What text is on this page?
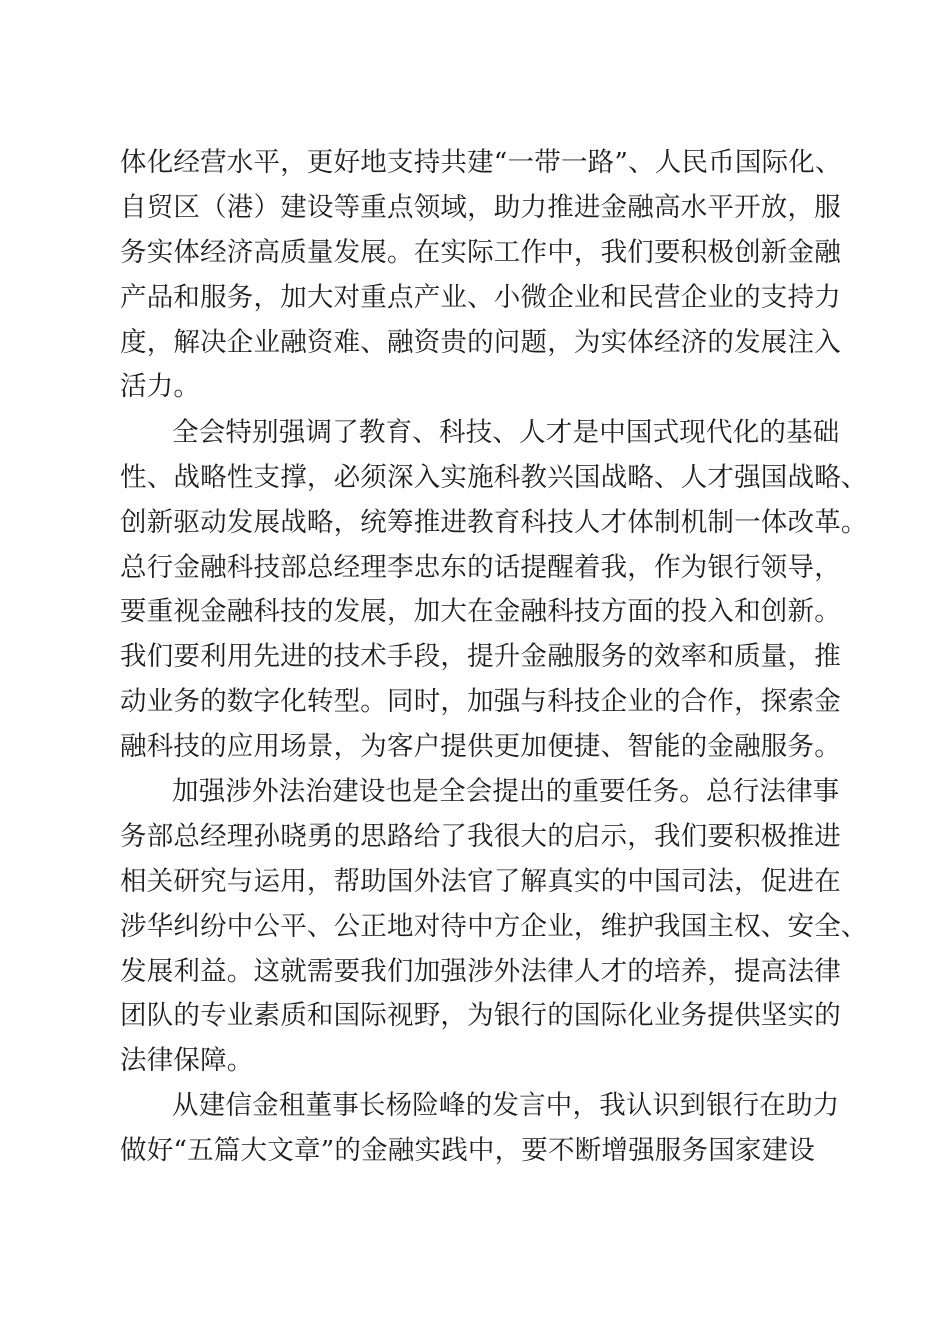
体化经营水平，更好地支持共建“一带一路”、人民币国际化、
自贸区（港）建设等重点领域，助力推进金融高水平开放，服
务实体经济高质量发展。在实际工作中，我们要积极创新金融
产品和服务，加大对重点产业、小微企业和民营企业的支持力
度，解决企业融资难、融资贵的问题，为实体经济的发展注入
活力。
全会特别强调了教育、科技、人才是中国式现代化的基础
性、战略性支撑，必须深入实施科教兴国战略、人才强国战略、
创新驱动发展战略，统筹推进教育科技人才体制机制一体改革。
总行金融科技部总经理李忠东的话提醒着我，作为银行领导，
要重视金融科技的发展，加大在金融科技方面的投入和创新。
我们要利用先进的技术手段，提升金融服务的效率和质量，推
动业务的数字化转型。同时，加强与科技企业的合作，探索金
融科技的应用场景，为客户提供更加便捷、智能的金融服务。
加强涉外法治建设也是全会提出的重要任务。总行法律事
务部总经理孙晓勇的思路给了我很大的启示，我们要积极推进
相关研究与运用，帮助国外法官了解真实的中国司法，促进在
涉华纠纷中公平、公正地对待中方企业，维护我国主权、安全、
发展利益。这就需要我们加强涉外法律人才的培养，提高法律
团队的专业素质和国际视野，为银行的国际化业务提供坚实的
法律保障。
从建信金租董事长杨险峰的发言中，我认识到银行在助力
做好“五篇大文章”的金融实践中，要不断增强服务国家建设
